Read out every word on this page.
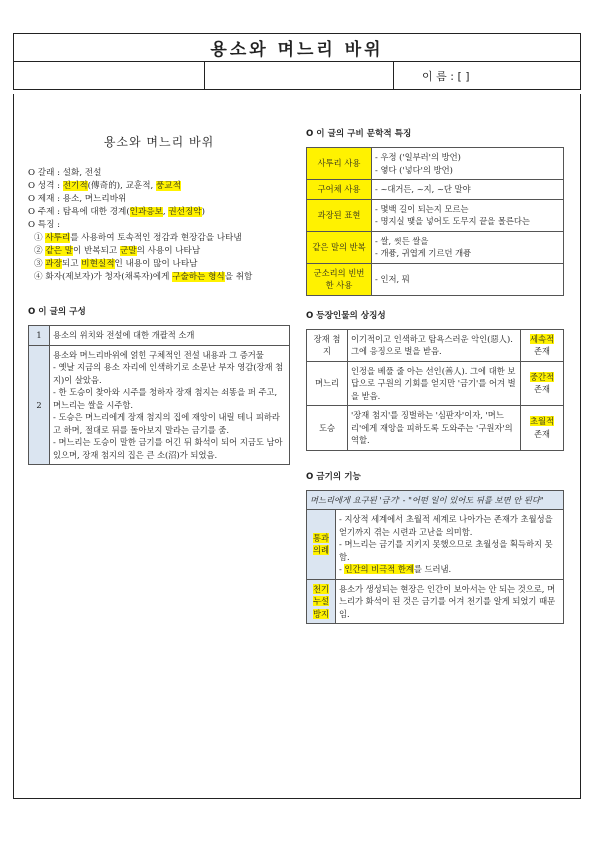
용소와 며느리 바위
		이 름 : [ ]

용소와 며느리 바위

O 갈래 : 설화, 전설

O 성격 : 전기적(傳奇的), 교훈적, 풍교적

O 제재 : 용소, 며느리바위

O 주제 : 탐욕에 대한 경계(인과응보, 권선징악)

O 특징 :

① 사투리를 사용하여 토속적인 정감과 현장감을 나타냄

② 같은 말이 반복되고 군말의 사용이 나타남

③ 과장되고 비현실적인 내용이 많이 나타남

④ 화자(제보자)가 청자(채록자)에게 구술하는 형식을 취함

O 이 글의 구성

1	용소의 위치와 전설에 대한 개괄적 소개
2	용소와 며느리바위에 얽힌 구체적인 전설 내용과 그 증거물
- 옛날 지금의 용소 자리에 인색하기로 소문난 부자 영감(장재 첨지)이 살았음.
- 한 도승이 찾아와 시주를 청하자 장재 첨지는 쇠똥을 퍼 주고, 며느리는 쌀을 시주함.
- 도승은 며느리에게 장재 첨지의 집에 재앙이 내릴 테니 피하라고 하며, 절대로 뒤를 돌아보지 말라는 금기를 줌.
- 며느리는 도승이 말한 금기를 어긴 뒤 화석이 되어 지금도 남아 있으며, 장재 첨지의 집은 큰 소(沼)가 되었음.

O 이 글의 구비 문학적 특징

사투리 사용	- 우정 ('일부러'의 방언)
- 옇다 ('넣다'의 방언)

구어체 사용	- ~대거든, ~지, ~단 말야

과장된 표현	- 몇백 길이 되는지 모르는
- 명지실 맻을 넣어도 도무지 끝을 몰른다는

같은 말의 반복	- 쌀, 씻든 쌀을
- 개퓽, 귀엽게 기르던 개퓽

군소리의 빈번한 사용	- 인저, 뭐

O 등장인물의 상징성

장재 첨지	이기적이고 인색하고 탐욕스러운 악인(惡人). 그에 응징으로 벌을 받음.	세속적
존재
며느리	인정을 베풀 줄 아는 선인(善人). 그에 대한 보답으로 구원의 기회를 얻지만 '금기'를 어겨 벌을 받음.	중간적
존재
도승	'장재 첨지'를 징벌하는 '심판자'이자, '며느리'에게 재앙을 피하도록 도와주는 '구원자'의 역할.	초월적
존재

O 금기의 기능

며느리에게 요구된 '금기' - "어떤 일이 있어도 뒤를 보면 안 된다"	
통과 의례	- 지상적 세계에서 초월적 세계로 나아가는 존재가 초월성을 얻기까지 겪는 시련과 고난을 의미함.
- 며느리는 금기를 지키지 못했으므로 초월성을 획득하지 못함.
- 인간의 비극적 한계를 드러냄.

천기 누설 방지	용소가 생성되는 현장은 인간이 보아서는 안 되는 것으로, 며느리가 화석이 된 것은 금기를 어겨 천기를 알게 되었기 때문임.
